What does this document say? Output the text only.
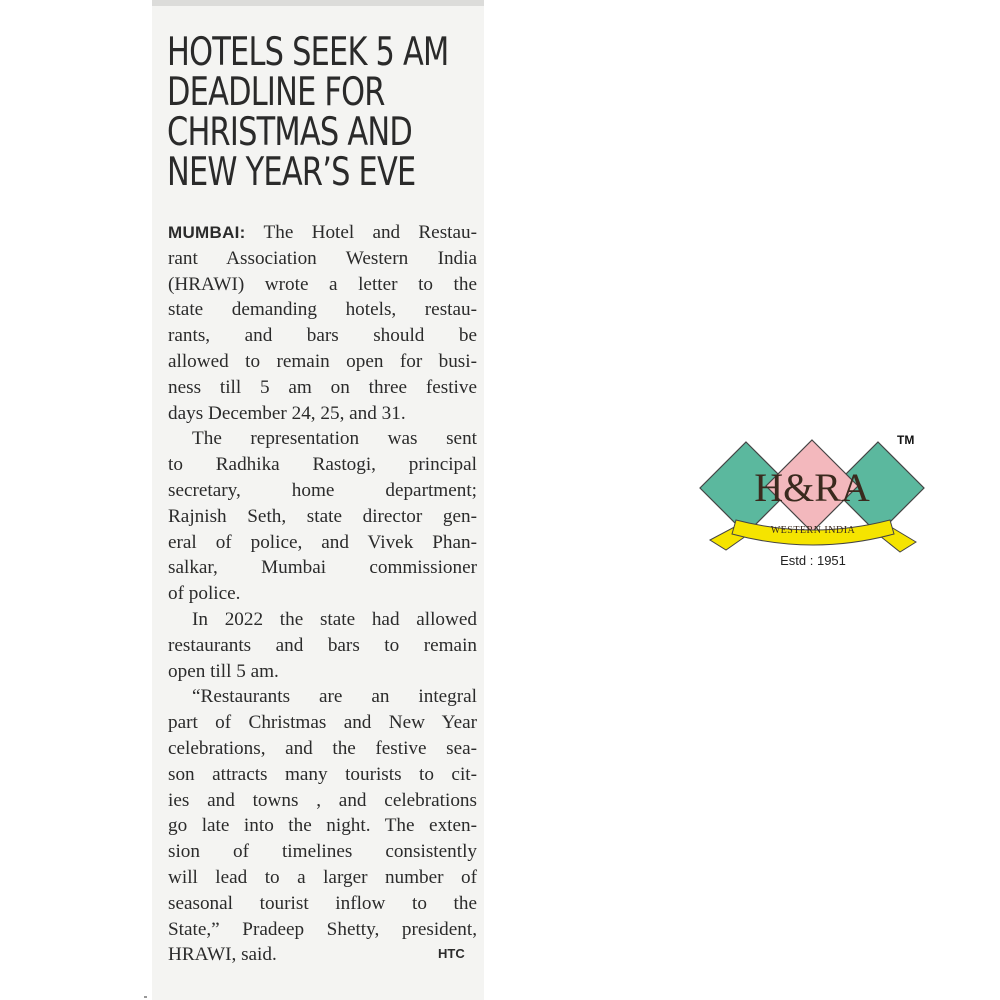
HOTELS SEEK 5 AM
DEADLINE FOR
CHRISTMAS AND
NEW YEAR’S EVE

MUMBAI: The Hotel and Restau-
rant Association Western India
(HRAWI) wrote a letter to the
state demanding hotels, restau-
rants, and bars should be
allowed to remain open for busi-
ness till 5 am on three festive
days December 24, 25, and 31.

The representation was sent
to Radhika Rastogi, principal
secretary, home department;
Rajnish Seth, state director gen-
eral of police, and Vivek Phan-
salkar, Mumbai commissioner
of police.

In 2022 the state had allowed
restaurants and bars to remain
open till 5 am.

“Restaurants are an integral
part of Christmas and New Year
celebrations, and the festive sea-
son attracts many tourists to cit-
ies and towns , and celebrations
go late into the night. The exten-
sion of timelines consistently
will lead to a larger number of
seasonal tourist inflow to the
State,” Pradeep Shetty, president,
HRAWI, said.	HTC
WESTERN INDIA
H&RA
TM
Estd : 1951
